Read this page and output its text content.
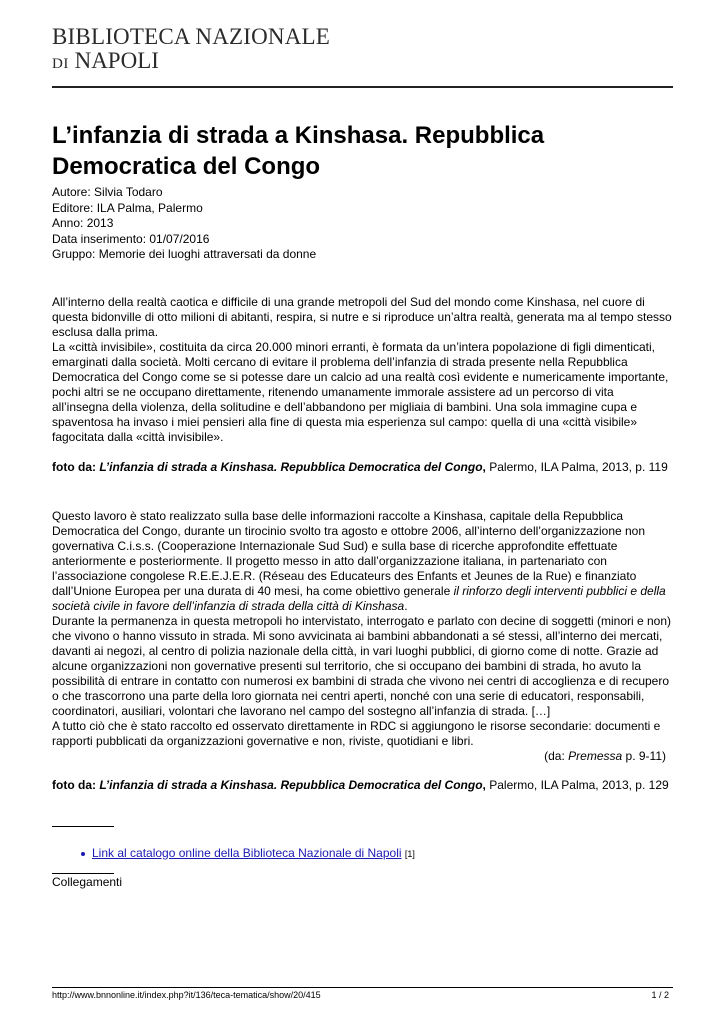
BIBLIOTECA NAZIONALE
DI NAPOLI
L’infanzia di strada a Kinshasa. Repubblica Democratica del Congo
Autore: Silvia Todaro
Editore: ILA Palma, Palermo
Anno: 2013
Data inserimento: 01/07/2016
Gruppo: Memorie dei luoghi attraversati da donne

All’interno della realtà caotica e difficile di una grande metropoli del Sud del mondo come Kinshasa, nel cuore di questa bidonville di otto milioni di abitanti, respira, si nutre e si riproduce un’altra realtà, generata ma al tempo stesso esclusa dalla prima.

La «città invisibile», costituita da circa 20.000 minori erranti, è formata da un’intera popolazione di figli dimenticati, emarginati dalla società. Molti cercano di evitare il problema dell’infanzia di strada presente nella Repubblica Democratica del Congo come se si potesse dare un calcio ad una realtà così evidente e numericamente importante, pochi altri se ne occupano direttamente, ritenendo umanamente immorale assistere ad un percorso di vita all’insegna della violenza, della solitudine e dell’abbandono per migliaia di bambini. Una sola immagine cupa e spaventosa ha invaso i miei pensieri alla fine di questa mia esperienza sul campo: quella di una «città visibile» fagocitata dalla «città invisibile».

foto da: L’infanzia di strada a Kinshasa. Repubblica Democratica del Congo, Palermo, ILA Palma, 2013, p. 119

Questo lavoro è stato realizzato sulla base delle informazioni raccolte a Kinshasa, capitale della Repubblica Democratica del Congo, durante un tirocinio svolto tra agosto e ottobre 2006, all’interno dell’organizzazione non governativa C.i.s.s. (Cooperazione Internazionale Sud Sud) e sulla base di ricerche approfondite effettuate anteriormente e posteriormente. Il progetto messo in atto dall’organizzazione italiana, in partenariato con l’associazione congolese R.E.E.J.E.R. (Réseau des Educateurs des Enfants et Jeunes de la Rue) e finanziato dall’Unione Europea per una durata di 40 mesi, ha come obiettivo generale il rinforzo degli interventi pubblici e della società civile in favore dell’infanzia di strada della città di Kinshasa.

Durante la permanenza in questa metropoli ho intervistato, interrogato e parlato con decine di soggetti (minori e non) che vivono o hanno vissuto in strada. Mi sono avvicinata ai bambini abbandonati a sé stessi, all’interno dei mercati, davanti ai negozi, al centro di polizia nazionale della città, in vari luoghi pubblici, di giorno come di notte. Grazie ad alcune organizzazioni non governative presenti sul territorio, che si occupano dei bambini di strada, ho avuto la possibilità di entrare in contatto con numerosi ex bambini di strada che vivono nei centri di accoglienza e di recupero o che trascorrono una parte della loro giornata nei centri aperti, nonché con una serie di educatori, responsabili, coordinatori, ausiliari, volontari che lavorano nel campo del sostegno all’infanzia di strada. […]

A tutto ciò che è stato raccolto ed osservato direttamente in RDC si aggiungono le risorse secondarie: documenti e rapporti pubblicati da organizzazioni governative e non, riviste, quotidiani e libri.

(da: Premessa p. 9-11)

foto da: L’infanzia di strada a Kinshasa. Repubblica Democratica del Congo, Palermo, ILA Palma, 2013, p. 129

Link al catalogo online della Biblioteca Nazionale di Napoli [1]
Collegamenti
http://www.bnnonline.it/index.php?it/136/teca-tematica/show/20/415	1 / 2
